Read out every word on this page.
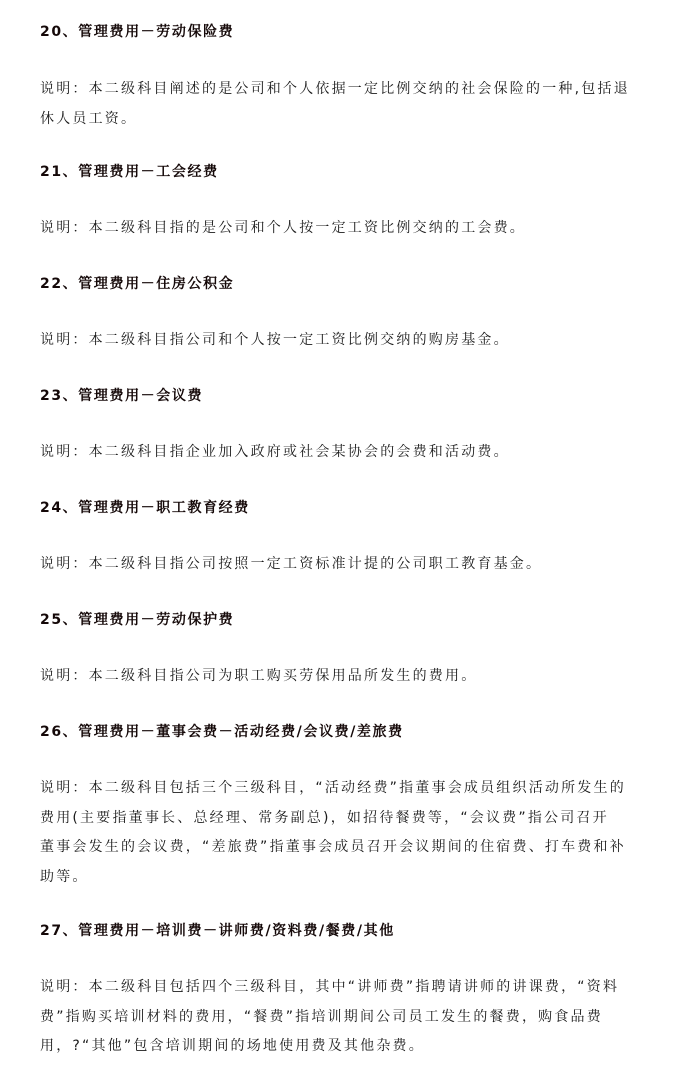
20、管理费用－劳动保险费
说明：本二级科目阐述的是公司和个人依据一定比例交纳的社会保险的一种,包括退
休人员工资。
21、管理费用－工会经费
说明：本二级科目指的是公司和个人按一定工资比例交纳的工会费。
22、管理费用－住房公积金
说明：本二级科目指公司和个人按一定工资比例交纳的购房基金。
23、管理费用－会议费
说明：本二级科目指企业加入政府或社会某协会的会费和活动费。
24、管理费用－职工教育经费
说明：本二级科目指公司按照一定工资标准计提的公司职工教育基金。
25、管理费用－劳动保护费
说明：本二级科目指公司为职工购买劳保用品所发生的费用。
26、管理费用－董事会费－活动经费/会议费/差旅费
说明：本二级科目包括三个三级科目，“活动经费”指董事会成员组织活动所发生的
费用(主要指董事长、总经理、常务副总)，如招待餐费等，“会议费”指公司召开
董事会发生的会议费，“差旅费”指董事会成员召开会议期间的住宿费、打车费和补
助等。
27、管理费用－培训费－讲师费/资料费/餐费/其他
说明：本二级科目包括四个三级科目，其中“讲师费”指聘请讲师的讲课费，“资料
费”指购买培训材料的费用，“餐费”指培训期间公司员工发生的餐费，购食品费
用，?“其他”包含培训期间的场地使用费及其他杂费。
